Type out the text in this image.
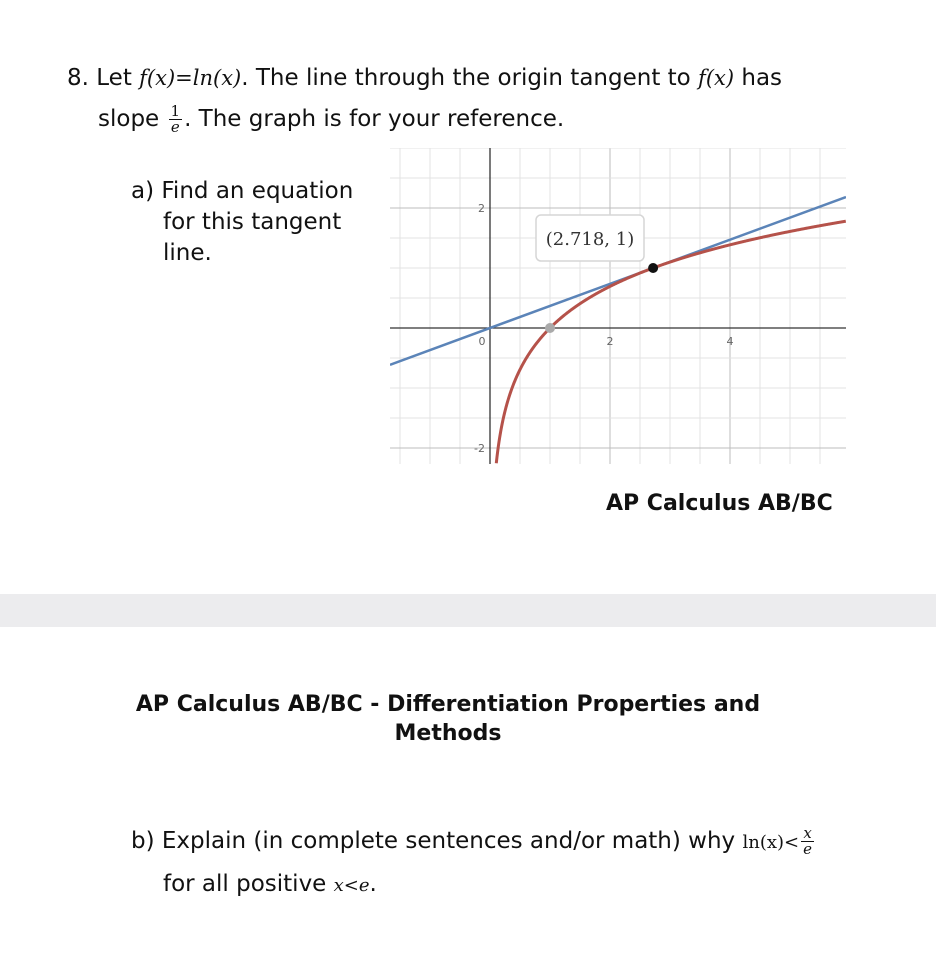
8. Let f(x)=ln(x). The line through the origin tangent to f(x) has
slope $\frac{1}{e}$ . The graph is for your reference.
a) Find an equation
for this tangent
line.
0	2	4
2
-2
(2.718, 1)
AP Calculus AB/BC
AP Calculus AB/BC - Differentiation Properties and
Methods
b) Explain (in complete sentences and/or math) why $\ln(x)< \frac{x}{e}$
for all positive x<e.
